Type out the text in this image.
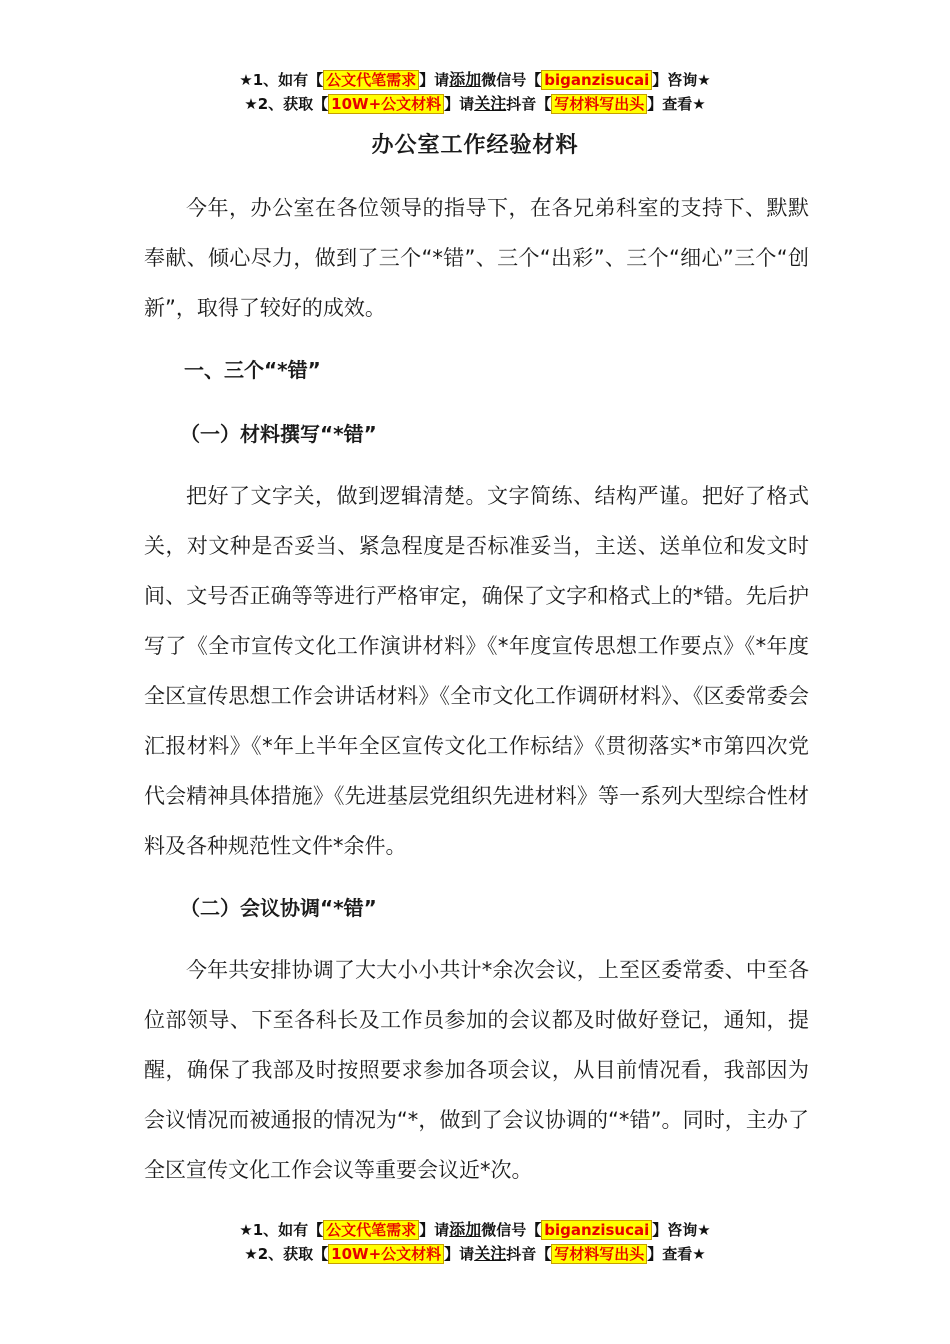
★1、如有【 公文代笔需求 】请添加微信号【 biganzisucai 】咨询★
★2、获取【 10W+公文材料 】请关注抖音【 写材料写出头 】查看★
办公室工作经验材料

今年，办公室在各位领导的指导下，在各兄弟科室的支持下、默默奉献、倾心尽力，做到了三个“*错”、三个“出彩”、三个“细心”三个“创新”，取得了较好的成效。

一、三个“*错”

（一）材料撰写“*错”

把好了文字关，做到逻辑清楚。文字简练、结构严谨。把好了格式关，对文种是否妥当、紧急程度是否标准妥当，主送、送单位和发文时间、文号否正确等等进行严格审定，确保了文字和格式上的*错。先后护写了《全市宣传文化工作演讲材料》《*年度宣传思想工作要点》《*年度全区宣传思想工作会讲话材料》《全市文化工作调研材料》、《区委常委会汇报材料》《*年上半年全区宣传文化工作标结》《贯彻落实*市第四次党代会精神具体措施》《先进基层党组织先进材料》等一系列大型综合性材料及各种规范性文件*余件。

（二）会议协调“*错”

今年共安排协调了大大小小共计*余次会议，上至区委常委、中至各位部领导、下至各科长及工作员参加的会议都及时做好登记，通知，提醒，确保了我部及时按照要求参加各项会议，从目前情况看，我部因为会议情况而被通报的情况为“*，做到了会议协调的“*错”。同时，主办了全区宣传文化工作会议等重要会议近*次。

★1、如有【 公文代笔需求 】请添加微信号【 biganzisucai 】咨询★
★2、获取【 10W+公文材料 】请关注抖音【 写材料写出头 】查看★
